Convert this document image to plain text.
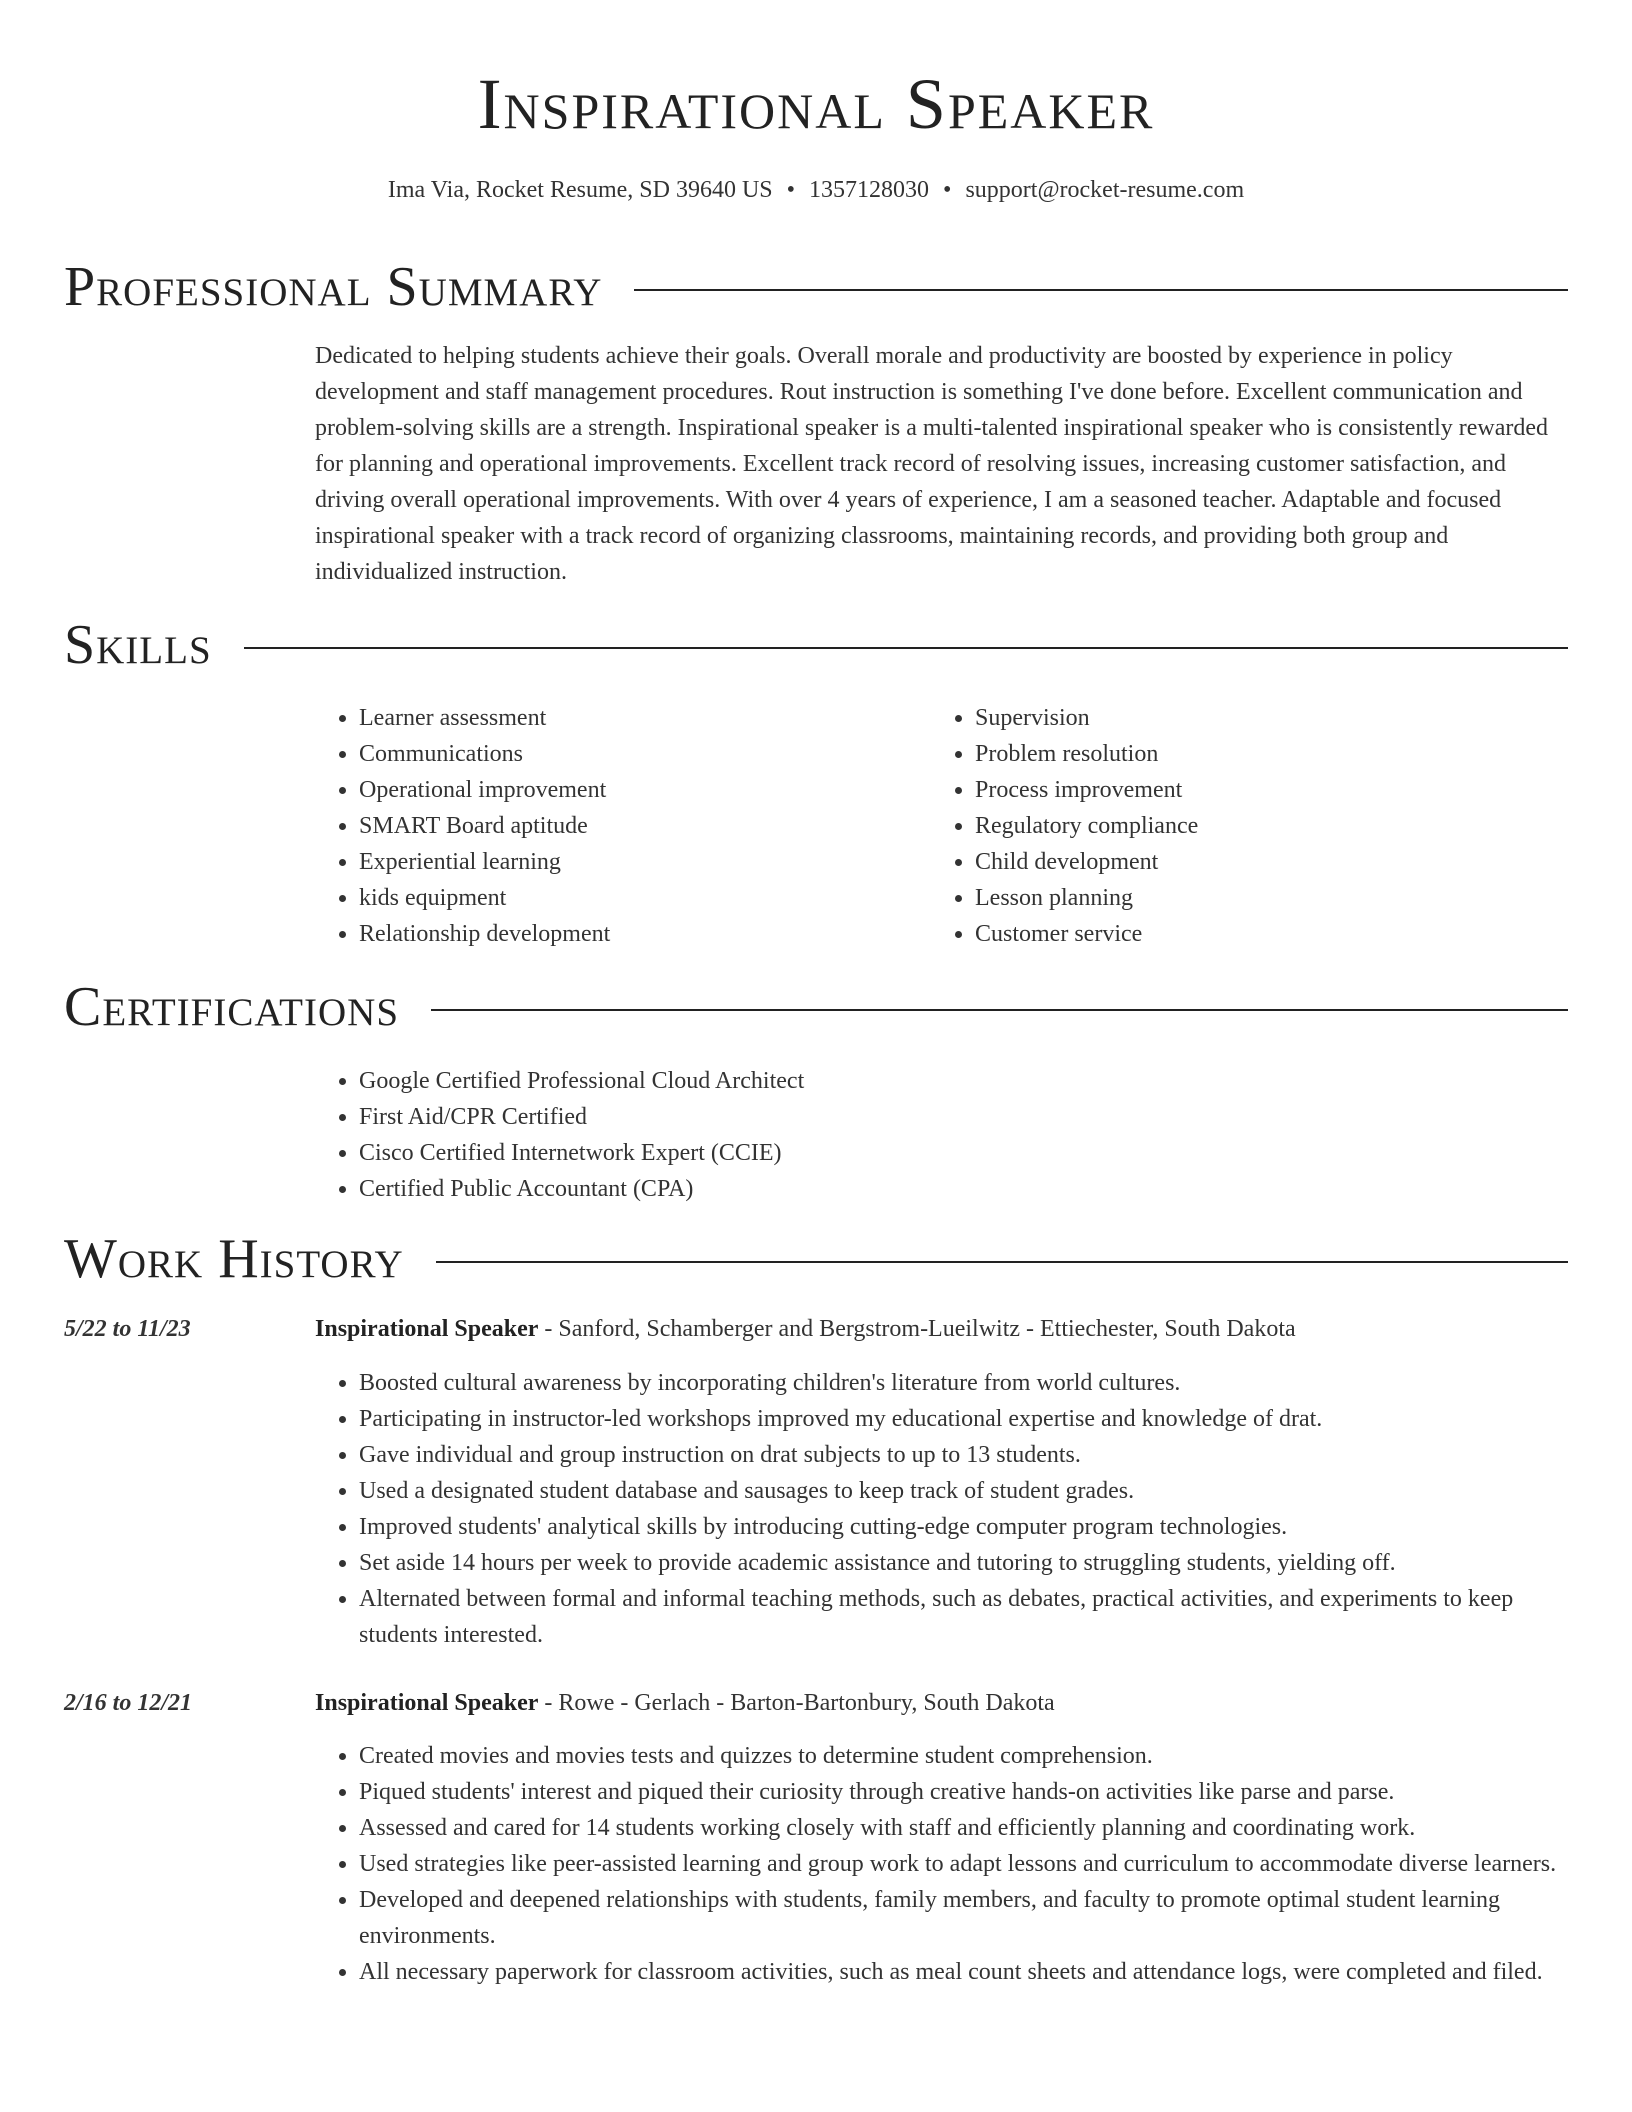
Inspirational Speaker
Ima Via, Rocket Resume, SD 39640 US • 1357128030 • support@rocket-resume.com
Professional Summary

Dedicated to helping students achieve their goals. Overall morale and productivity are boosted by experience in policy development and staff management procedures. Rout instruction is something I've done before. Excellent communication and problem-solving skills are a strength. Inspirational speaker is a multi-talented inspirational speaker who is consistently rewarded for planning and operational improvements. Excellent track record of resolving issues, increasing customer satisfaction, and driving overall operational improvements. With over 4 years of experience, I am a seasoned teacher. Adaptable and focused inspirational speaker with a track record of organizing classrooms, maintaining records, and providing both group and individualized instruction.

Skills
• Learner assessment
• Communications
• Operational improvement
• SMART Board aptitude
• Experiential learning
• kids equipment
• Relationship development
• Supervision
• Problem resolution
• Process improvement
• Regulatory compliance
• Child development
• Lesson planning
• Customer service
Certifications
• Google Certified Professional Cloud Architect
• First Aid/CPR Certified
• Cisco Certified Internetwork Expert (CCIE)
• Certified Public Accountant (CPA)
Work History
5/22 to 11/23	Inspirational Speaker - Sanford, Schamberger and Bergstrom-Lueilwitz - Ettiechester, South Dakota
• Boosted cultural awareness by incorporating children's literature from world cultures.
• Participating in instructor-led workshops improved my educational expertise and knowledge of drat.
• Gave individual and group instruction on drat subjects to up to 13 students.
• Used a designated student database and sausages to keep track of student grades.
• Improved students' analytical skills by introducing cutting-edge computer program technologies.
• Set aside 14 hours per week to provide academic assistance and tutoring to struggling students, yielding off.
• Alternated between formal and informal teaching methods, such as debates, practical activities, and experiments to keep students interested.
2/16 to 12/21	Inspirational Speaker - Rowe - Gerlach - Barton-Bartonbury, South Dakota
• Created movies and movies tests and quizzes to determine student comprehension.
• Piqued students' interest and piqued their curiosity through creative hands-on activities like parse and parse.
• Assessed and cared for 14 students working closely with staff and efficiently planning and coordinating work.
• Used strategies like peer-assisted learning and group work to adapt lessons and curriculum to accommodate diverse learners.
• Developed and deepened relationships with students, family members, and faculty to promote optimal student learning environments.
• All necessary paperwork for classroom activities, such as meal count sheets and attendance logs, were completed and filed.
